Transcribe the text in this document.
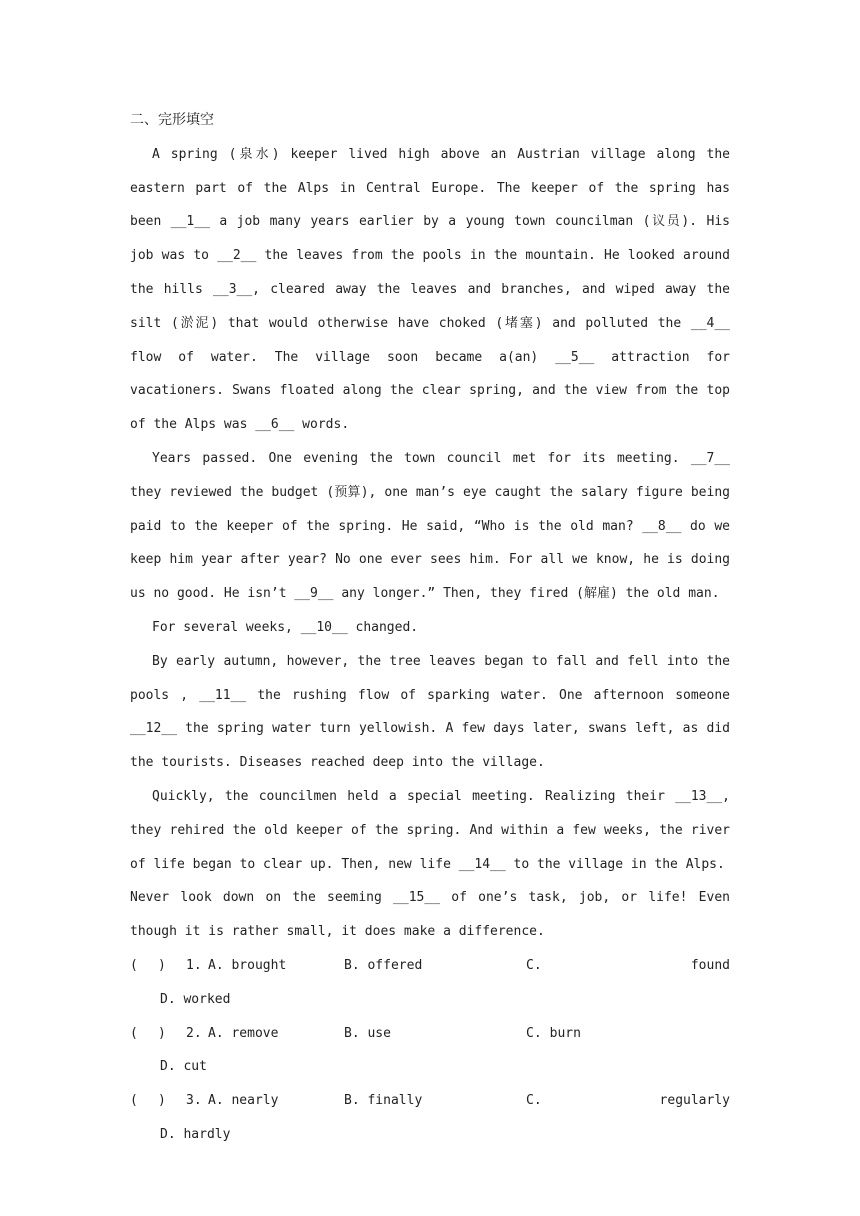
二、完形填空

A spring (泉水) keeper lived high above an Austrian village along the eastern part of the Alps in Central Europe. The keeper of the spring has been __1__ a job many years earlier by a young town councilman (议员). His job was to __2__ the leaves from the pools in the mountain. He looked around the hills __3__, cleared away the leaves and branches, and wiped away the silt (淤泥) that would otherwise have choked (堵塞) and polluted the __4__ flow of water. The village soon became a(an) __5__ attraction for vacationers. Swans floated along the clear spring, and the view from the top of the Alps was __6__ words.

Years passed. One evening the town council met for its meeting. __7__ they reviewed the budget (预算), one man’s eye caught the salary figure being paid to the keeper of the spring. He said, “Who is the old man? __8__ do we keep him year after year? No one ever sees him. For all we know, he is doing us no good. He isn’t __9__ any longer.” Then, they fired (解雇) the old man.

For several weeks, __10__ changed.

By early autumn, however, the tree leaves began to fall and fell into the pools , __11__ the rushing flow of sparking water. One afternoon someone __12__ the spring water turn yellowish. A few days later, swans left, as did the tourists. Diseases reached deep into the village.

Quickly, the councilmen held a special meeting. Realizing their __13__, they rehired the old keeper of the spring. And within a few weeks, the river of life began to clear up. Then, new life __14__ to the village in the Alps.

Never look down on the seeming __15__ of one’s task, job, or life! Even though it is rather small, it does make a difference.

(	)	1. A. brought	B. offered	C.	found

D. worked

(	)	2. A. remove	B. use	C. burn

D. cut

(	)	3. A. nearly	B. finally	C.	regularly

D. hardly
